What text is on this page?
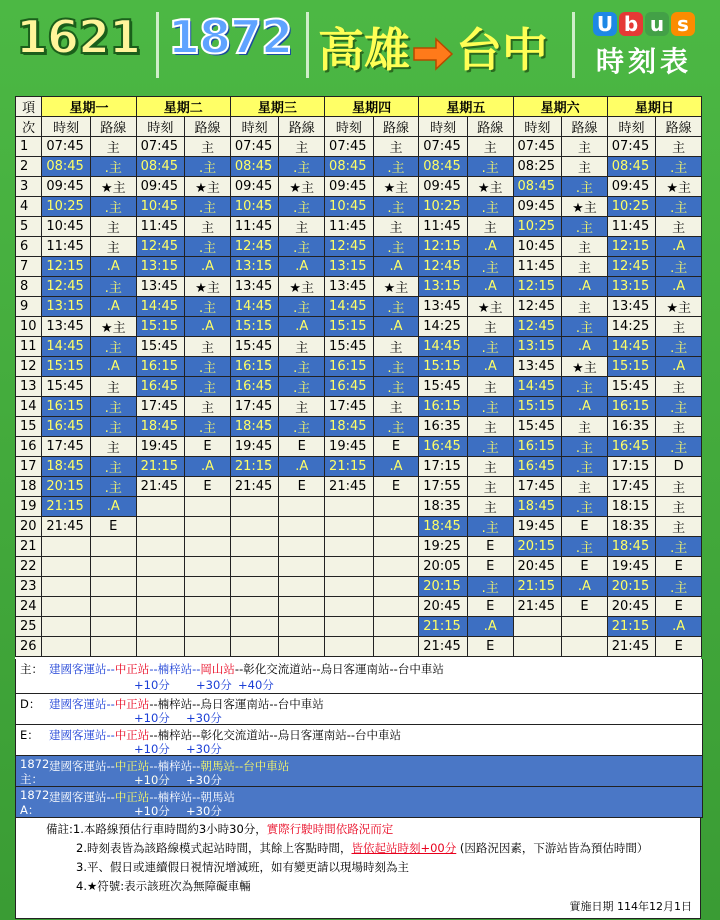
1621 1872 高雄 台中 U b u s
時刻表
項	星期一		星期二		星期三		星期四		星期五		星期六		星期日	
次	時刻	路線	時刻	路線	時刻	路線	時刻	路線	時刻	路線	時刻	路線	時刻	路線
1	07:45	主	07:45	主	07:45	主	07:45	主	07:45	主	07:45	主	07:45	主
2	08:45	.主	08:45	.主	08:45	.主	08:45	.主	08:45	.主	08:25	主	08:45	.主
3	09:45	★主	09:45	★主	09:45	★主	09:45	★主	09:45	★主	08:45	.主	09:45	★主
4	10:25	.主	10:45	.主	10:45	.主	10:45	.主	10:25	.主	09:45	★主	10:25	.主
5	10:45	主	11:45	主	11:45	主	11:45	主	11:45	主	10:25	.主	11:45	主
6	11:45	主	12:45	.主	12:45	.主	12:45	.主	12:15	.A	10:45	主	12:15	.A
7	12:15	.A	13:15	.A	13:15	.A	13:15	.A	12:45	.主	11:45	主	12:45	.主
8	12:45	.主	13:45	★主	13:45	★主	13:45	★主	13:15	.A	12:15	.A	13:15	.A
9	13:15	.A	14:45	.主	14:45	.主	14:45	.主	13:45	★主	12:45	主	13:45	★主
10	13:45	★主	15:15	.A	15:15	.A	15:15	.A	14:25	主	12:45	.主	14:25	主
11	14:45	.主	15:45	主	15:45	主	15:45	主	14:45	.主	13:15	.A	14:45	.主
12	15:15	.A	16:15	.主	16:15	.主	16:15	.主	15:15	.A	13:45	★主	15:15	.A
13	15:45	主	16:45	.主	16:45	.主	16:45	.主	15:45	主	14:45	.主	15:45	主
14	16:15	.主	17:45	主	17:45	主	17:45	主	16:15	.主	15:15	.A	16:15	.主
15	16:45	.主	18:45	.主	18:45	.主	18:45	.主	16:35	主	15:45	主	16:35	主
16	17:45	主	19:45	E	19:45	E	19:45	E	16:45	.主	16:15	.主	16:45	.主
17	18:45	.主	21:15	.A	21:15	.A	21:15	.A	17:15	主	16:45	.主	17:15	D
18	20:15	.主	21:45	E	21:45	E	21:45	E	17:55	主	17:45	主	17:45	主
19	21:15	.A							18:35	主	18:45	.主	18:15	主
20	21:45	E							18:45	.主	19:45	E	18:35	主
21									19:25	E	20:15	.主	18:45	.主
22									20:05	E	20:45	E	19:45	E
23									20:15	.主	21:15	.A	20:15	.主
24									20:45	E	21:45	E	20:45	E
25									21:15	.A			21:15	.A
26									21:45	E			21:45	E
主： 建國客運站--中正站--楠梓站--岡山站--彰化交流道站--烏日客運南站--台中車站
+10分 +30分 +40分
D： 建國客運站--中正站--楠梓站--烏日客運南站--台中車站
+10分 +30分
E： 建國客運站--中正站--楠梓站--彰化交流道站--烏日客運南站--台中車站
+10分 +30分
1872
主：
建國客運站--中正站--楠梓站--朝馬站--台中車站
+10分 +30分
1872
A：
建國客運站--中正站--楠梓站--朝馬站
+10分 +30分
備註:1.本路線預估行車時間約3小時30分，實際行駛時間依路況而定
2.時刻表皆為該路線模式起站時間，其餘上客點時間，皆依起站時刻+00分 (因路況因素，下游站皆為預估時間）
3.平、假日或連續假日視情況增減班，如有變更請以現場時刻為主
4.★符號:表示該班次為無障礙車輛
實施日期 114年12月1日
